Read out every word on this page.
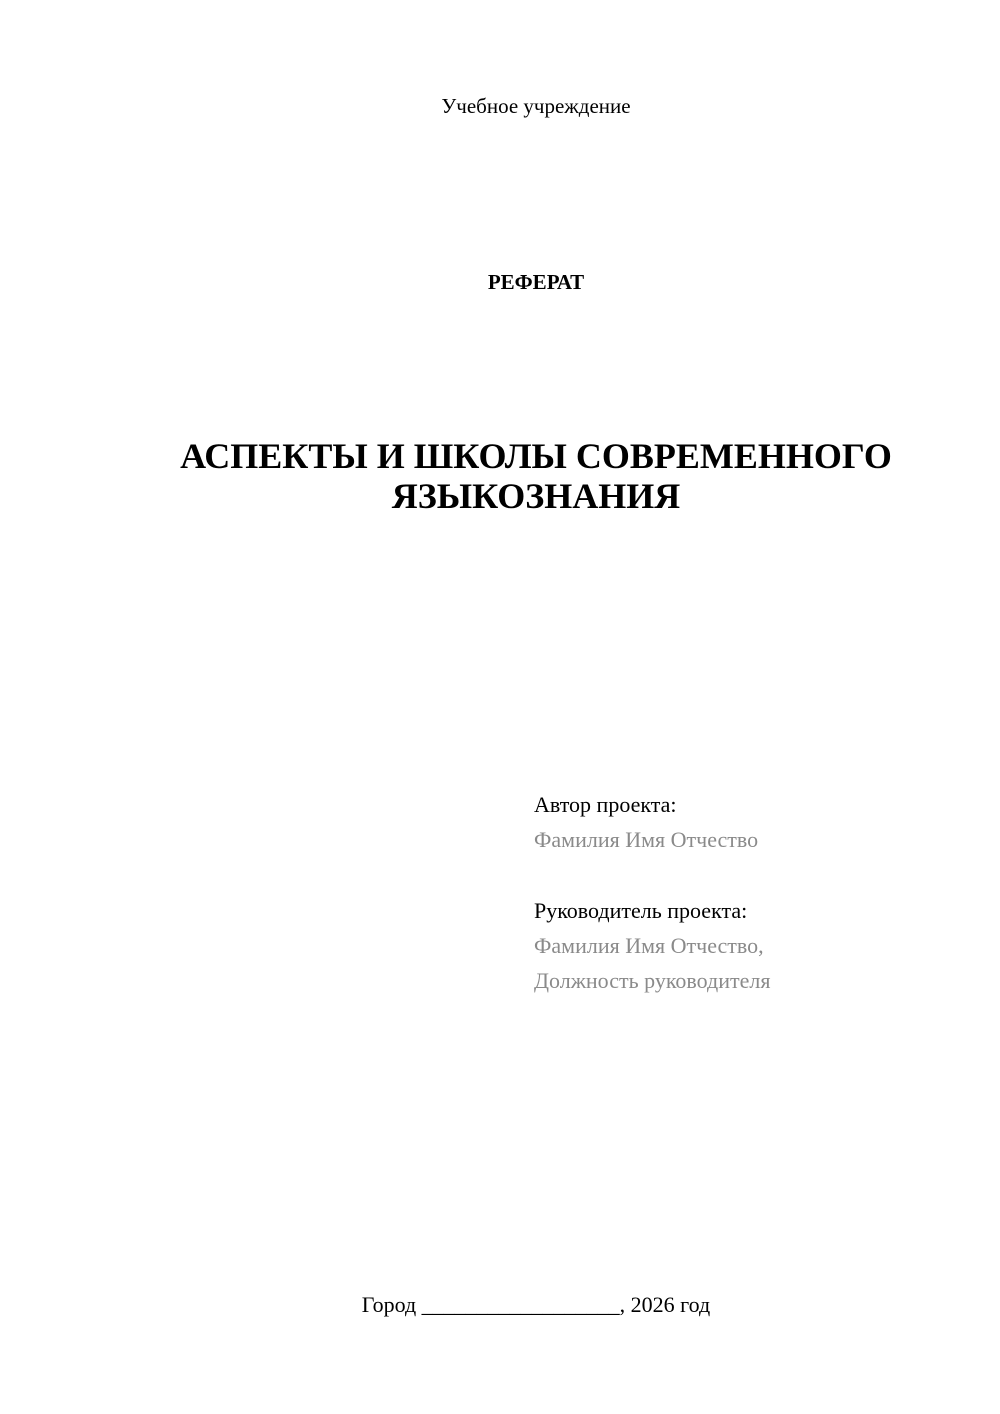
Учебное учреждение
РЕФЕРАТ
АСПЕКТЫ И ШКОЛЫ СОВРЕМЕННОГО
ЯЗЫКОЗНАНИЯ
Автор проекта:
Фамилия Имя Отчество
Руководитель проекта:
Фамилия Имя Отчество,
Должность руководителя
Город __________________, 2026 год
